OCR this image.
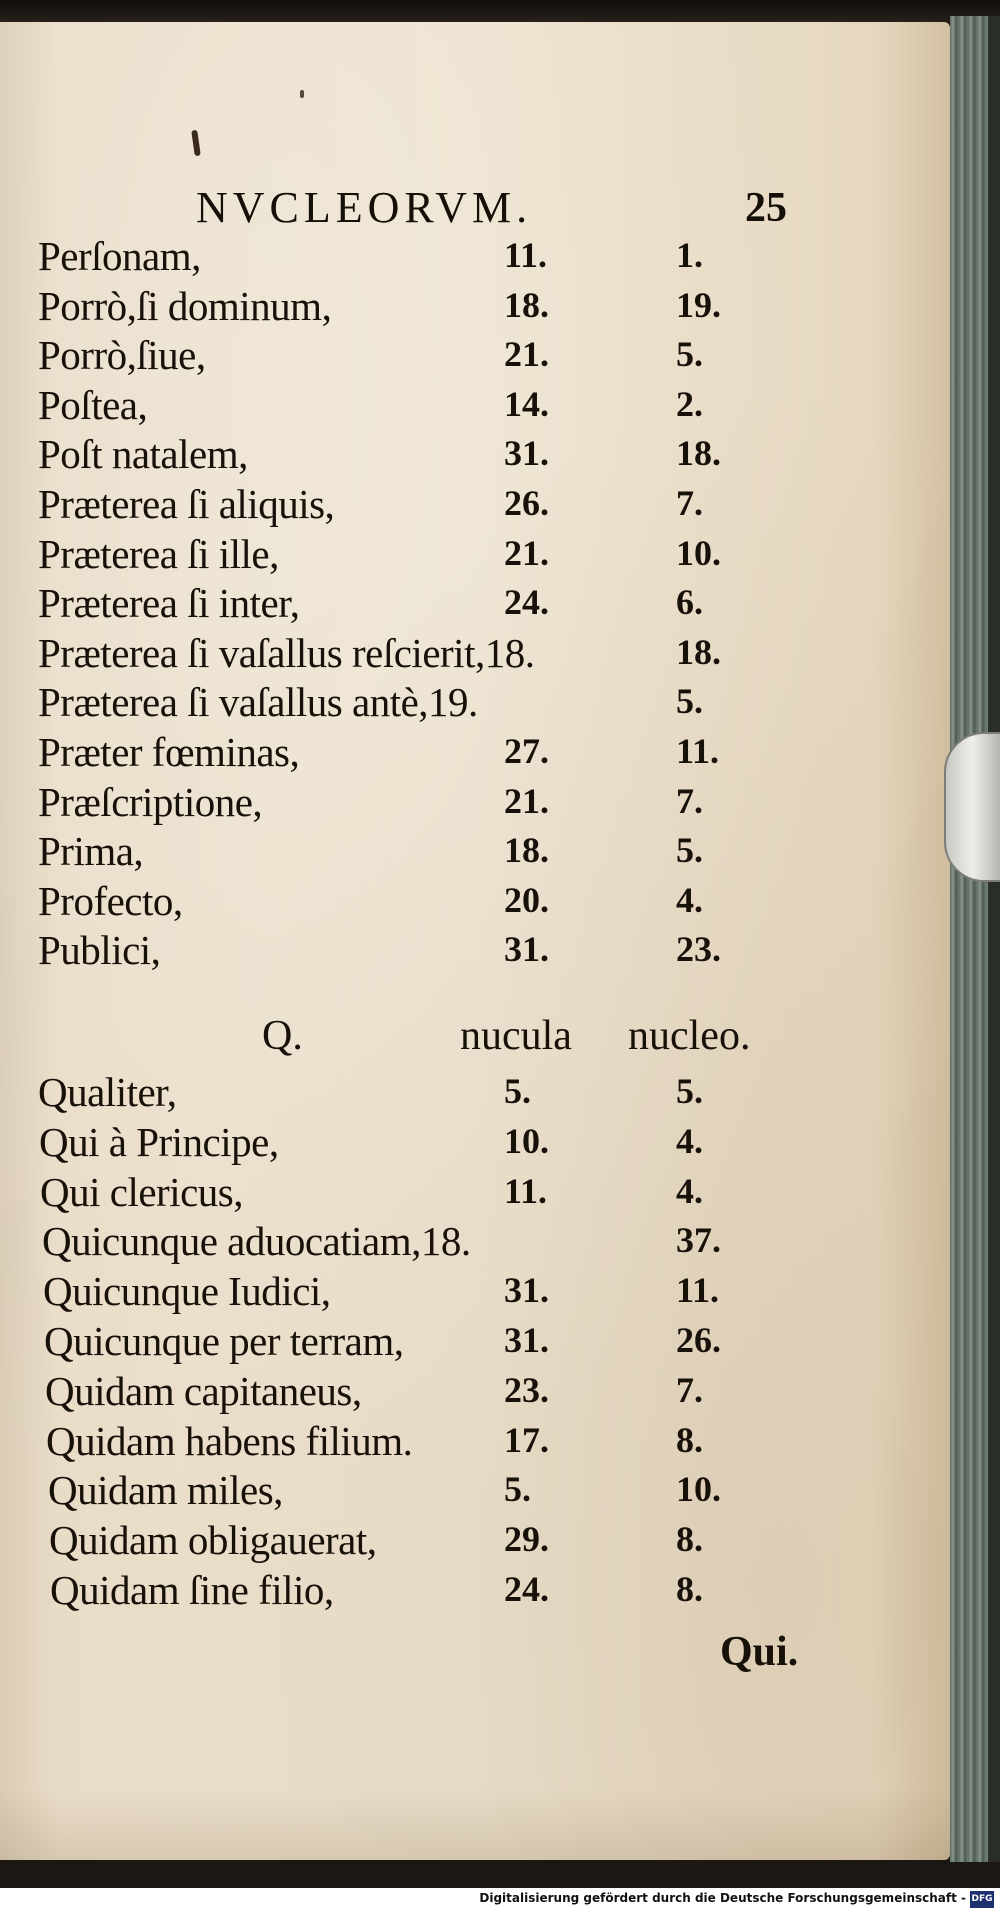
NVCLEORVM.	25
Perſonam,	11.	1.
Porrò,ſi dominum,	18.	19.
Porrò,ſiue,	21.	5.
Poſtea,	14.	2.
Poſt natalem,	31.	18.
Præterea ſi aliquis,	26.	7.
Præterea ſi ille,	21.	10.
Præterea ſi inter,	24.	6.
Præterea ſi vaſallus reſcierit,18.	18.
Præterea ſi vaſallus antè,19.	5.
Præter fœminas,	27.	11.
Præſcriptione,	21.	7.
Prima,	18.	5.
Profecto,	20.	4.
Publici,	31.	23.
Q.	nucula nucleo.
Qualiter,	5.	5.
Qui à Principe,	10.	4.
Qui clericus,	11.	4.
Quicunque aduocatiam,18.	37.
Quicunque Iudici,	31.	11.
Quicunque per terram,	31.	26.
Quidam capitaneus,	23.	7.
Quidam habens filium.	17.	8.
Quidam miles,	5.	10.
Quidam obligauerat,	29.	8.
Quidam ſine filio,	24.	8.
Qui.
Digitalisierung gefördert durch die Deutsche Forschungsgemeinschaft - DFG
